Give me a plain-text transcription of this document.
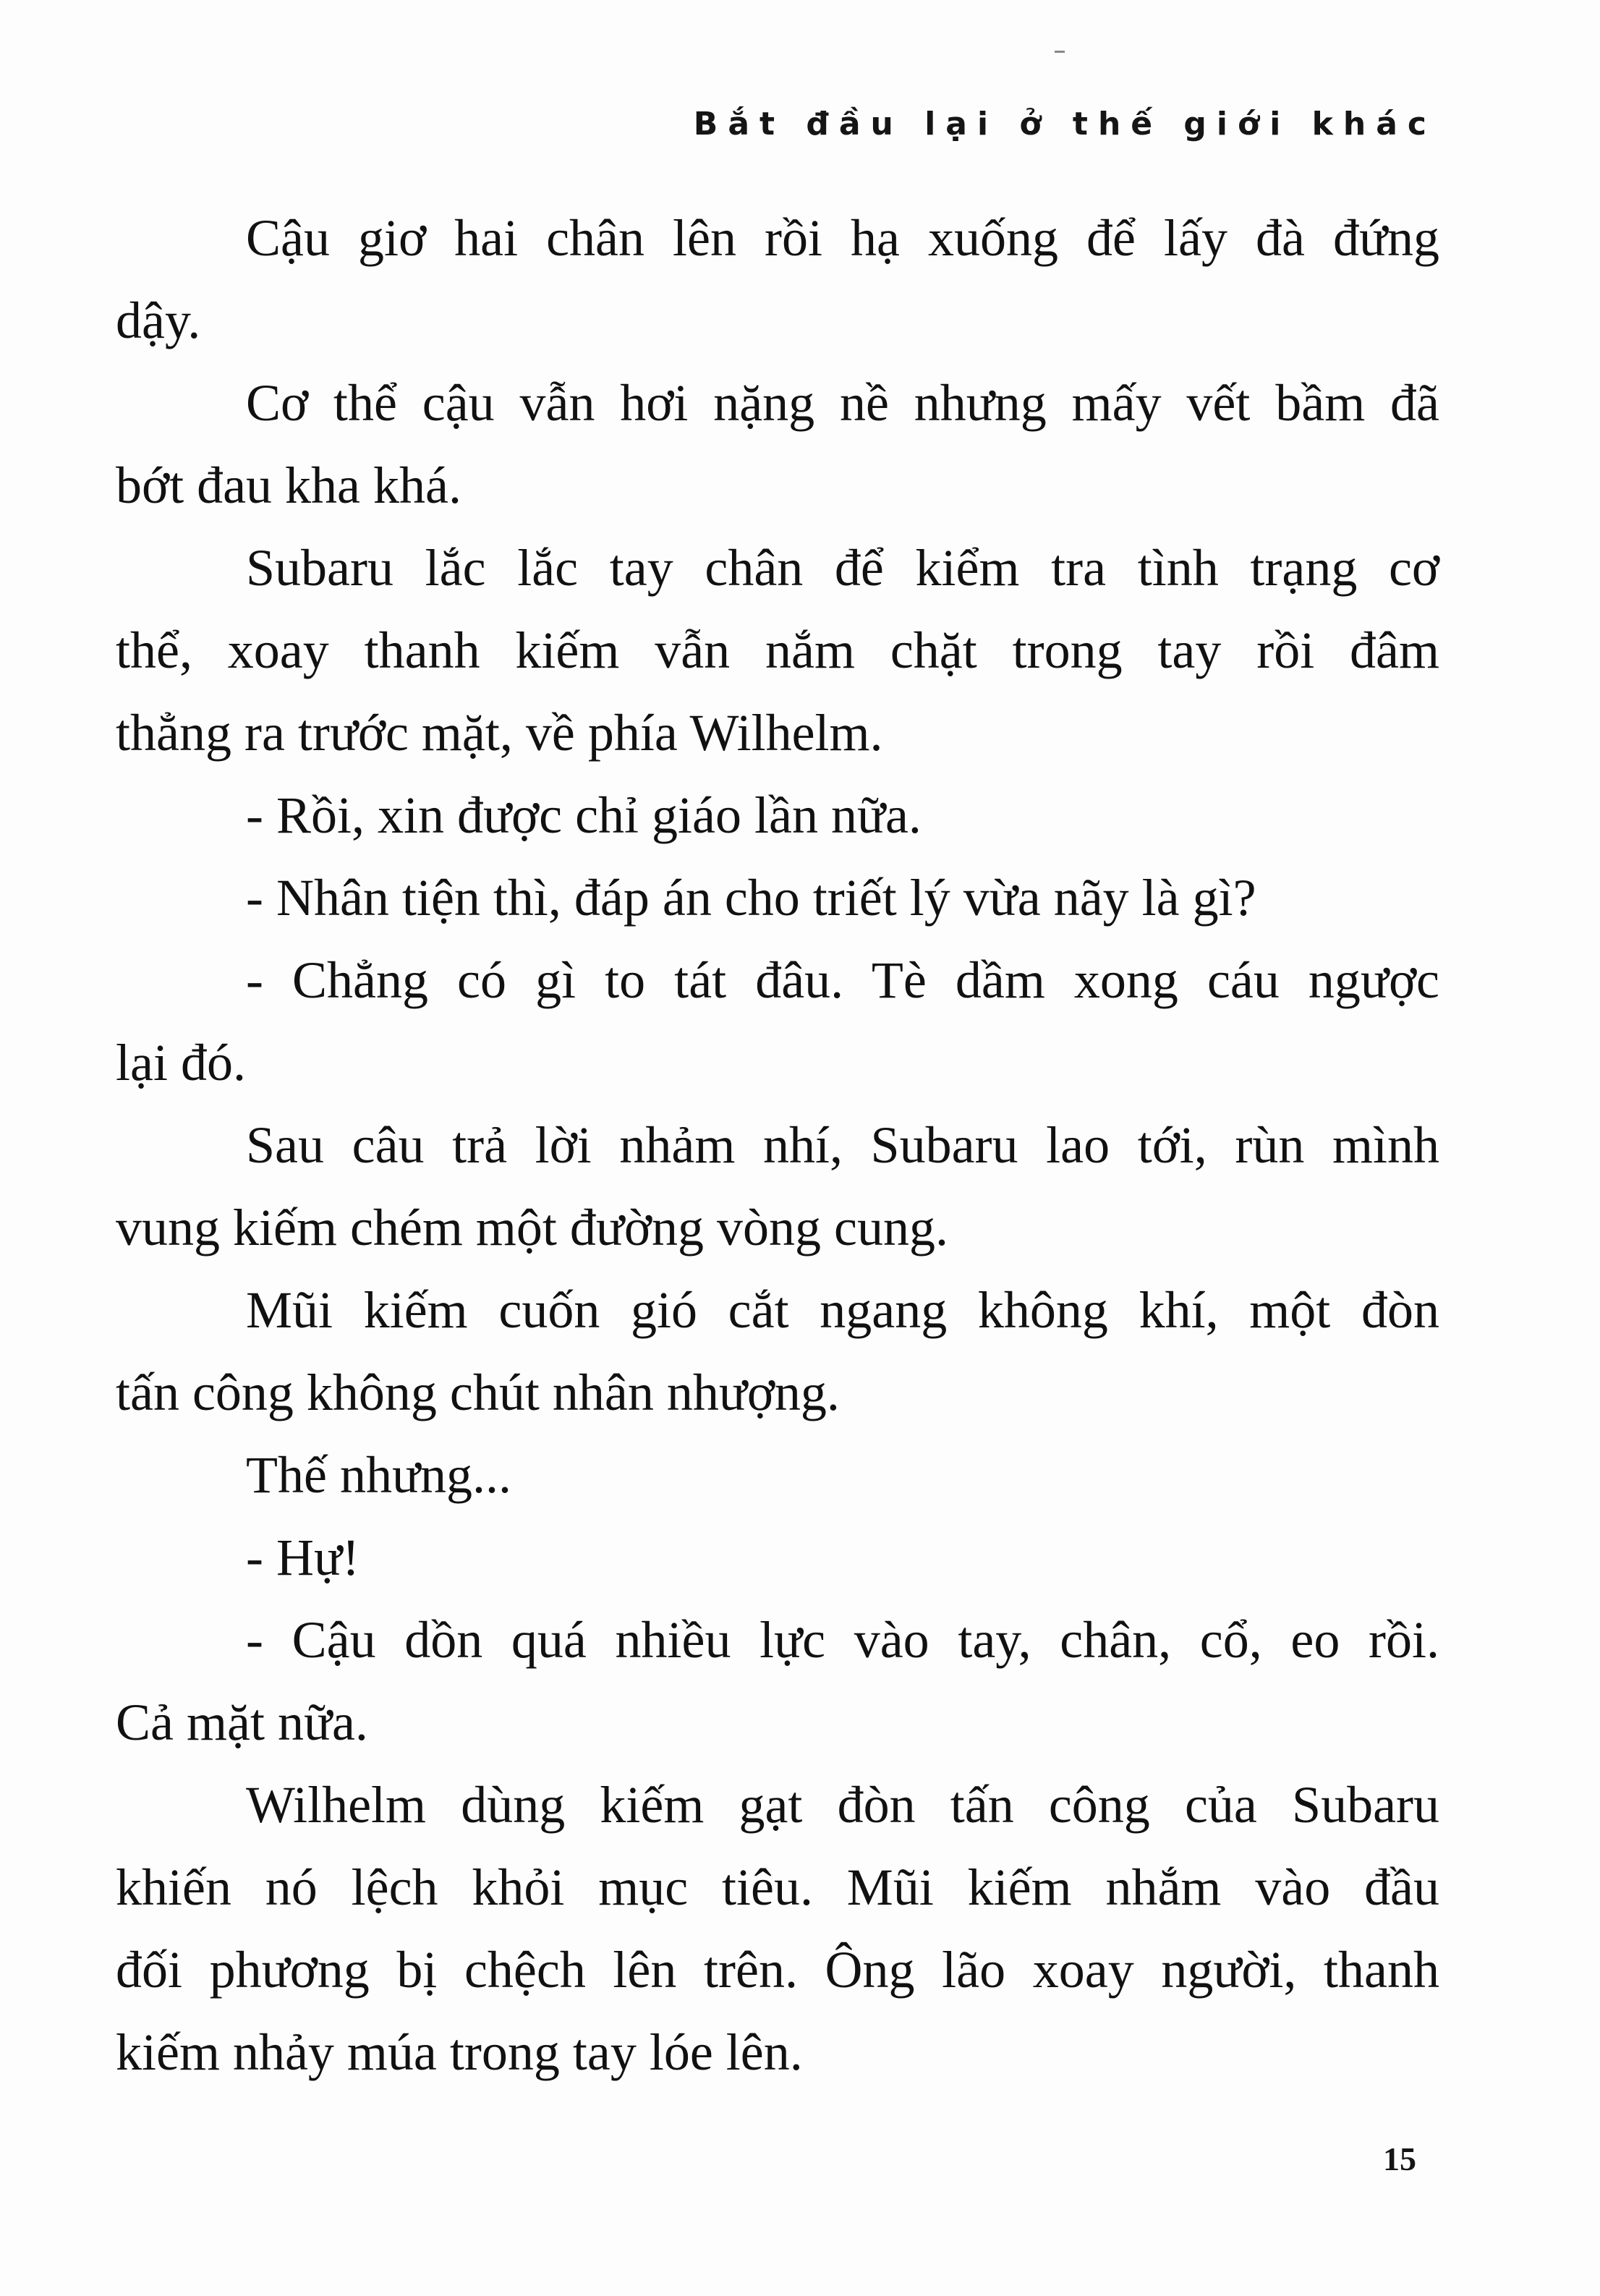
Bắt đầu lại ở thế giới khác
Cậu giơ hai chân lên rồi hạ xuống để lấy đà đứng
dậy.
Cơ thể cậu vẫn hơi nặng nề nhưng mấy vết bầm đã
bớt đau kha khá.
Subaru lắc lắc tay chân để kiểm tra tình trạng cơ
thể, xoay thanh kiếm vẫn nắm chặt trong tay rồi đâm
thẳng ra trước mặt, về phía Wilhelm.
- Rồi, xin được chỉ giáo lần nữa.
- Nhân tiện thì, đáp án cho triết lý vừa nãy là gì?
- Chẳng có gì to tát đâu. Tè dầm xong cáu ngược
lại đó.
Sau câu trả lời nhảm nhí, Subaru lao tới, rùn mình
vung kiếm chém một đường vòng cung.
Mũi kiếm cuốn gió cắt ngang không khí, một đòn
tấn công không chút nhân nhượng.
Thế nhưng...
- Hự!
- Cậu dồn quá nhiều lực vào tay, chân, cổ, eo rồi.
Cả mặt nữa.
Wilhelm dùng kiếm gạt đòn tấn công của Subaru
khiến nó lệch khỏi mục tiêu. Mũi kiếm nhắm vào đầu
đối phương bị chệch lên trên. Ông lão xoay người, thanh
kiếm nhảy múa trong tay lóe lên.
15
